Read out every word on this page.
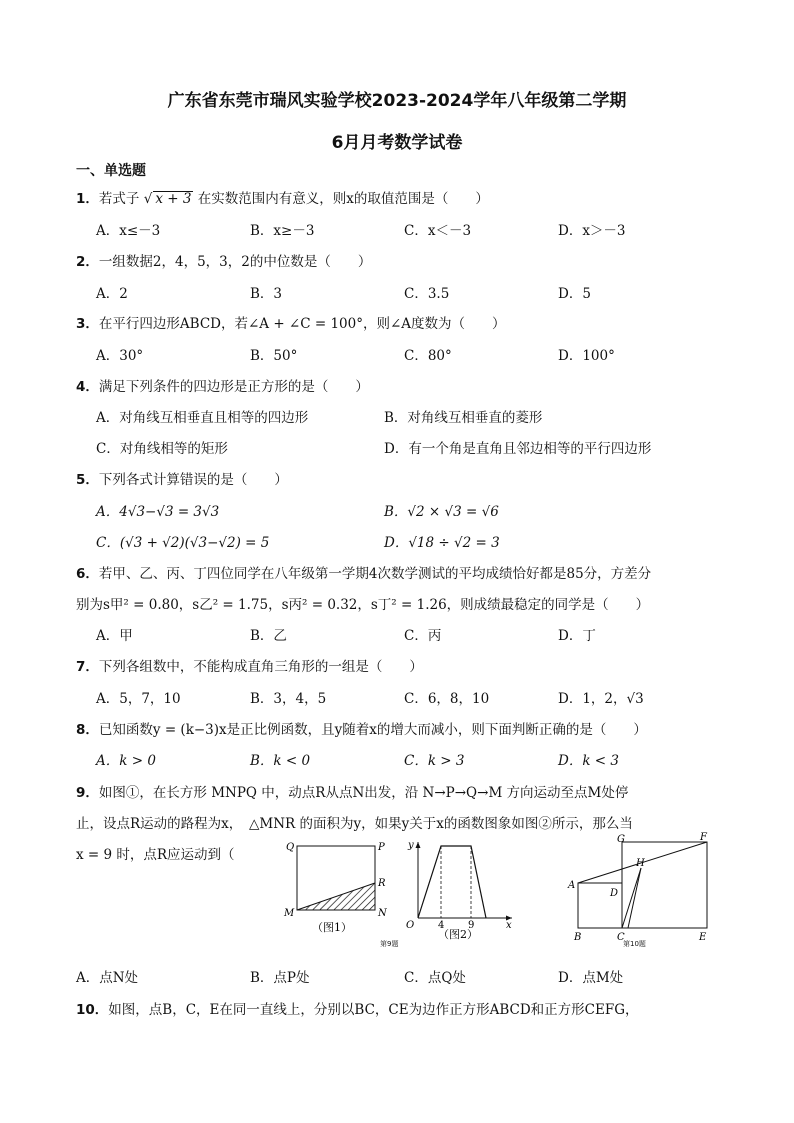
广东省东莞市瑞风实验学校2023-2024学年八年级第二学期
6月月考数学试卷
一、单选题
1．若式子 √ x + 3 在实数范围内有意义，则x的取值范围是（　　）
A．x≤－3	B．x≥－3	C．x＜－3	D．x＞－3
2．一组数据2，4，5，3，2的中位数是（　　）
A．2	B．3	C．3.5	D．5
3．在平行四边形ABCD，若∠A + ∠C = 100°，则∠A度数为（　　）
A．30°	B．50°	C．80°	D．100°
4．满足下列条件的四边形是正方形的是（　　）
A．对角线互相垂直且相等的四边形	B．对角线互相垂直的菱形
C．对角线相等的矩形	D．有一个角是直角且邻边相等的平行四边形
5．下列各式计算错误的是（　　）
A．4√3−√3 = 3√3	B．√2 × √3 = √6
C．(√3 + √2)(√3−√2) = 5	D．√18 ÷ √2 = 3
6．若甲、乙、丙、丁四位同学在八年级第一学期4次数学测试的平均成绩恰好都是85分，方差分
别为s甲² = 0.80，s乙² = 1.75，s丙² = 0.32，s丁² = 1.26，则成绩最稳定的同学是（　　）
A．甲	B．乙	C．丙	D．丁
7．下列各组数中，不能构成直角三角形的一组是（　　）
A．5，7，10	B．3，4，5	C．6，8，10	D．1，2，√3
8．已知函数y = (k−3)x是正比例函数，且y随着x的增大而减小，则下面判断正确的是（　　）
A．k > 0	B．k < 0	C．k > 3	D．k < 3
9．如图①，在长方形 MNPQ 中，动点R从点N出发，沿 N→P→Q→M 方向运动至点M处停
止，设点R运动的路程为x，　△MNR 的面积为y，如果y关于x的函数图象如图②所示，那么当
x = 9 时，点R应运动到（	Q	P
R
M	N
（图1）
y
O 4 9	x
（图2）
第9题
G	F
H
A
D
B	C	E
第10题
A．点N处	B．点P处	C．点Q处	D．点M处
10．如图，点B，C，E在同一直线上，分别以BC，CE为边作正方形ABCD和正方形CEFG，
